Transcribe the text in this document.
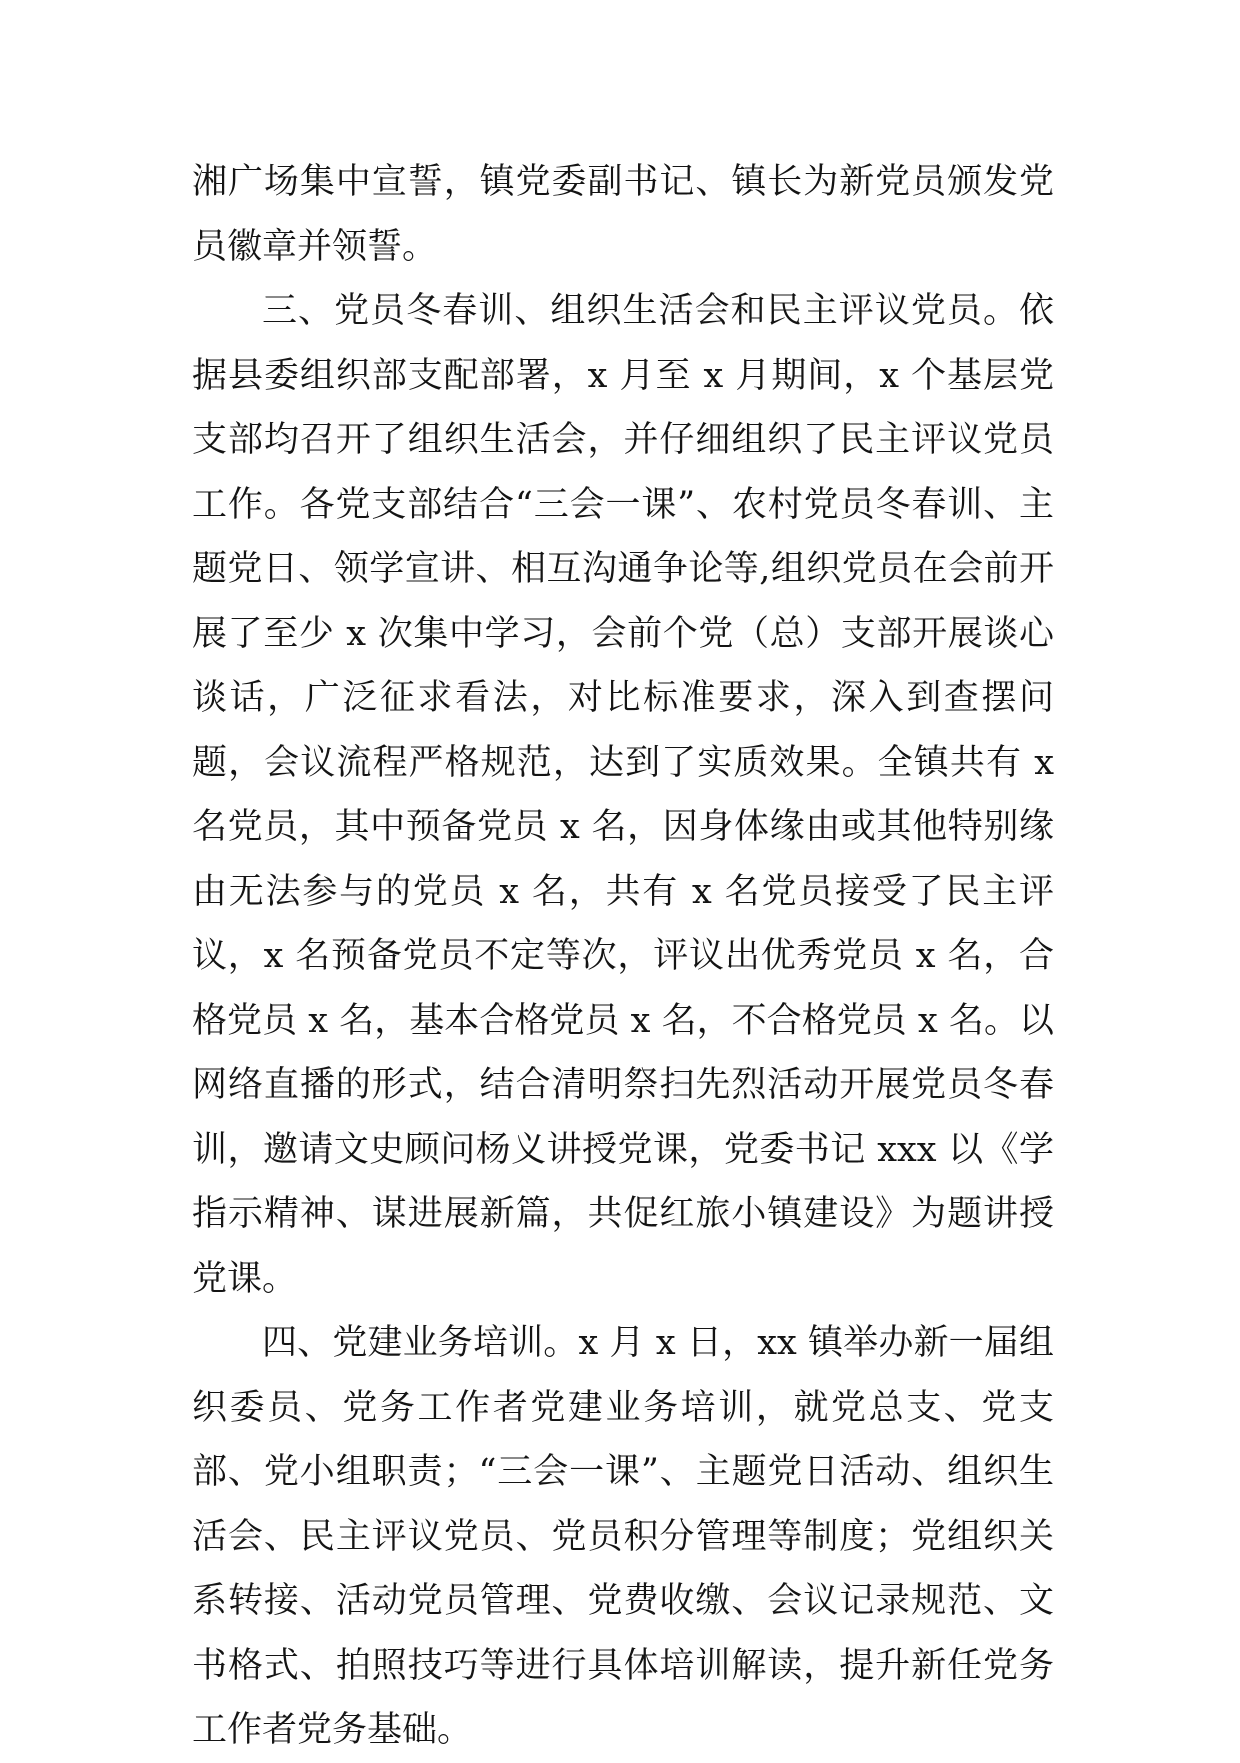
湘广场集中宣誓，镇党委副书记、镇长为新党员颁发党员徽章并领誓。

三、党员冬春训、组织生活会和民主评议党员。依据县委组织部支配部署，x 月至 x 月期间，x 个基层党支部均召开了组织生活会，并仔细组织了民主评议党员工作。各党支部结合“三会一课”、农村党员冬春训、主题党日、领学宣讲、相互沟通争论等,组织党员在会前开展了至少 x 次集中学习，会前个党（总）支部开展谈心谈话，广泛征求看法，对比标准要求，深入到查摆问题，会议流程严格规范，达到了实质效果。全镇共有 x 名党员，其中预备党员 x 名，因身体缘由或其他特别缘由无法参与的党员 x 名，共有 x 名党员接受了民主评议，x 名预备党员不定等次，评议出优秀党员 x 名，合格党员 x 名，基本合格党员 x 名，不合格党员 x 名。以网络直播的形式，结合清明祭扫先烈活动开展党员冬春训，邀请文史顾问杨义讲授党课，党委书记 xxx 以《学指示精神、谋进展新篇，共促红旅小镇建设》为题讲授党课。

四、党建业务培训。x 月 x 日，xx 镇举办新一届组织委员、党务工作者党建业务培训，就党总支、党支部、党小组职责；“三会一课”、主题党日活动、组织生活会、民主评议党员、党员积分管理等制度；党组织关系转接、活动党员管理、党费收缴、会议记录规范、文书格式、拍照技巧等进行具体培训解读，提升新任党务工作者党务基础。
